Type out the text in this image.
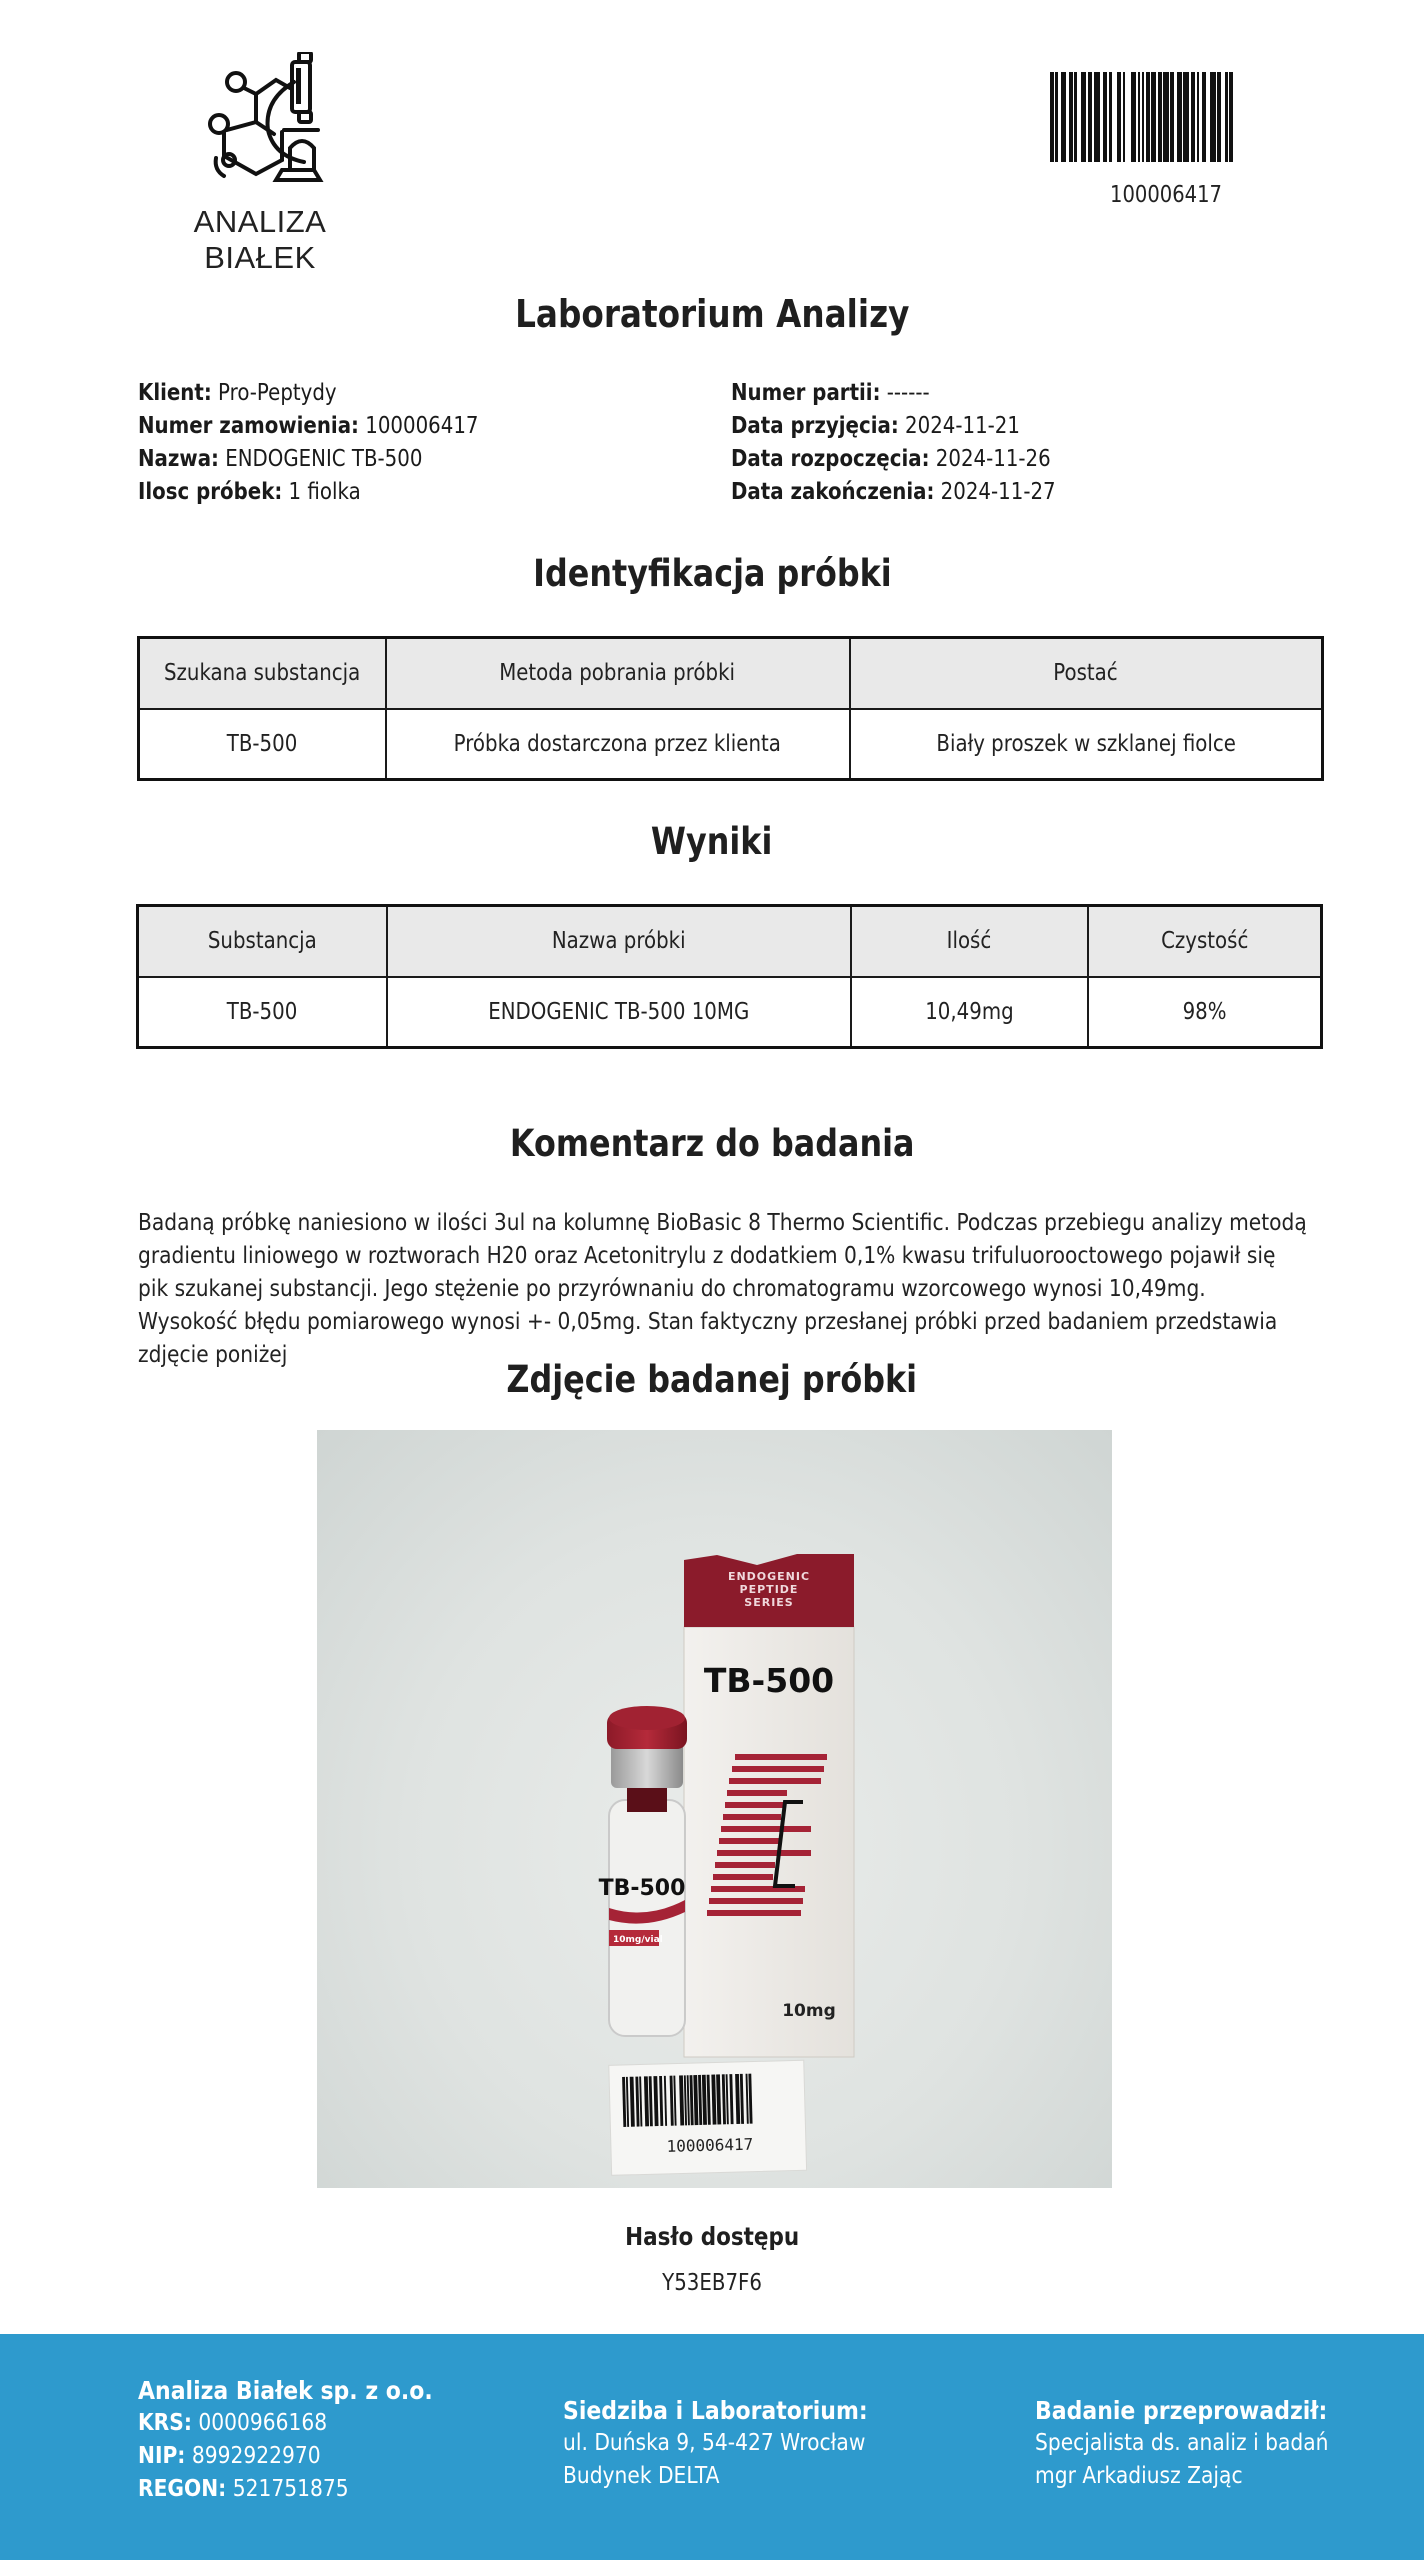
ANALIZA BIAŁEK
100006417
Laboratorium Analizy
Klient: Pro-Peptydy
Numer zamowienia: 100006417
Nazwa: ENDOGENIC TB-500
Ilosc próbek: 1 fiolka
Numer partii: ------
Data przyjęcia: 2024-11-21
Data rozpoczęcia: 2024-11-26
Data zakończenia: 2024-11-27
Identyfikacja próbki
Szukana substancja	Metoda pobrania próbki	Postać
TB-500	Próbka dostarczona przez klienta	Biały proszek w szklanej fiolce
Wyniki
Substancja	Nazwa próbki	Ilość	Czystość
TB-500	ENDOGENIC TB-500 10MG	10,49mg	98%
Komentarz do badania
Badaną próbkę naniesiono w ilości 3ul na kolumnę BioBasic 8 Thermo Scientific. Podczas przebiegu analizy metodą
gradientu liniowego w roztworach H20 oraz Acetonitrylu z dodatkiem 0,1% kwasu trifuluorooctowego pojawił się
pik szukanej substancji. Jego stężenie po przyrównaniu do chromatogramu wzorcowego wynosi 10,49mg.
Wysokość błędu pomiarowego wynosi +- 0,05mg. Stan faktyczny przesłanej próbki przed badaniem przedstawia
zdjęcie poniżej
Zdjęcie badanej próbki
ENDOGENIC
PEPTIDE
SERIES
TB-500
10mg
TB-500
10mg/vial
100006417
Hasło dostępu
Y53EB7F6
Analiza Białek sp. z o.o.
KRS: 0000966168
NIP: 8992922970
REGON: 521751875
Siedziba i Laboratorium:
ul. Duńska 9, 54-427 Wrocław
Budynek DELTA
Badanie przeprowadził:
Specjalista ds. analiz i badań
mgr Arkadiusz Zając
